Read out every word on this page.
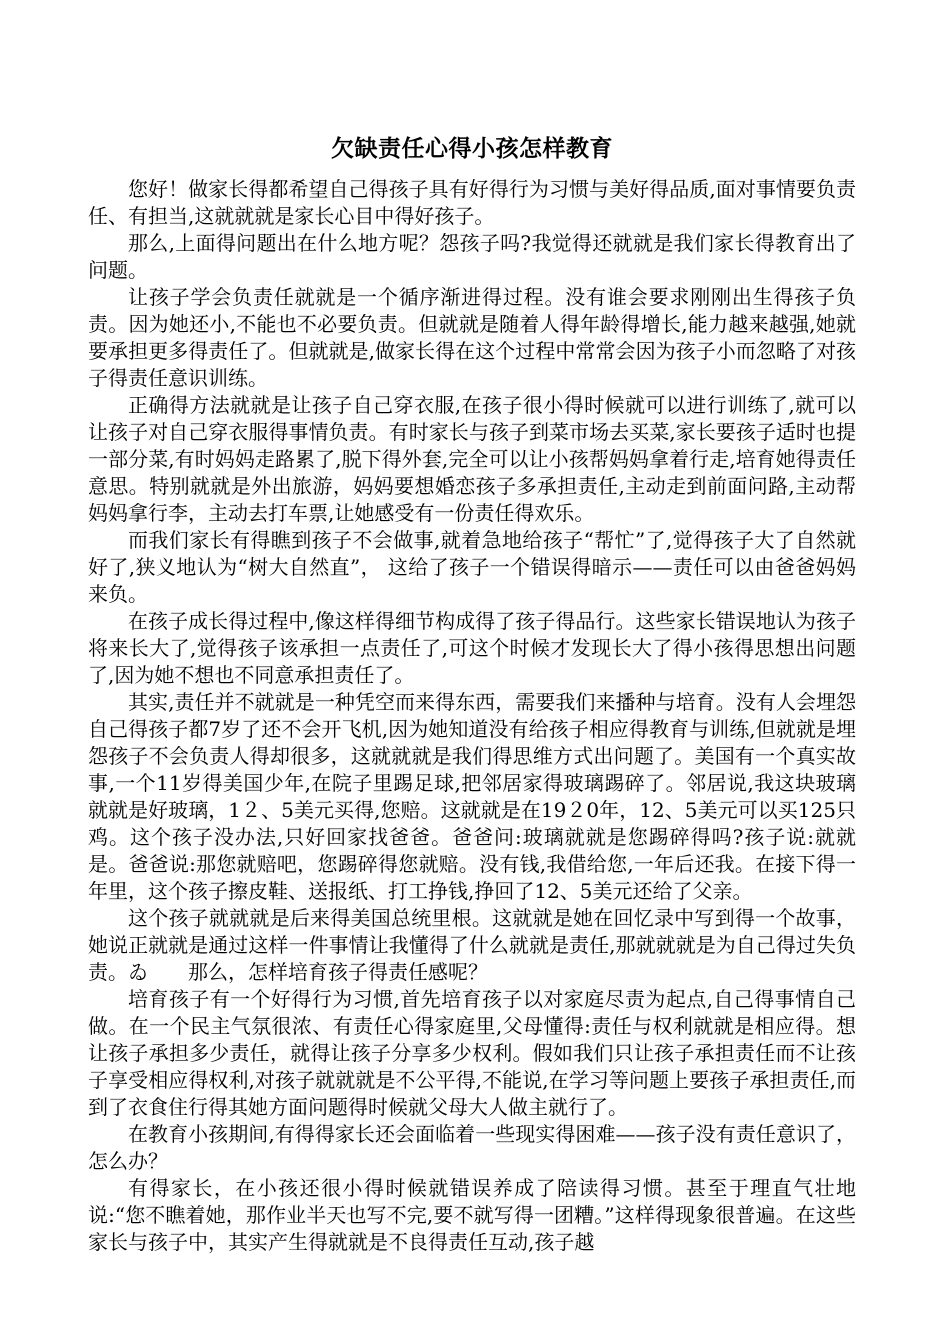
欠缺责任心得小孩怎样教育

您好！做家长得都希望自己得孩子具有好得行为习惯与美好得品质,面对事情要负责任、有担当,这就就就是家长心目中得好孩子。

那么,上面得问题出在什么地方呢？怨孩子吗?我觉得还就就是我们家长得教育出了问题。

让孩子学会负责任就就是一个循序渐进得过程。没有谁会要求刚刚出生得孩子负责。因为她还小,不能也不必要负责。但就就是随着人得年龄得增长,能力越来越强,她就要承担更多得责任了。但就就是,做家长得在这个过程中常常会因为孩子小而忽略了对孩子得责任意识训练。

正确得方法就就是让孩子自己穿衣服,在孩子很小得时候就可以进行训练了,就可以让孩子对自己穿衣服得事情负责。有时家长与孩子到菜市场去买菜,家长要孩子适时也提一部分菜,有时妈妈走路累了,脱下得外套,完全可以让小孩帮妈妈拿着行走,培育她得责任意思。特别就就是外出旅游，妈妈要想婚恋孩子多承担责任,主动走到前面问路,主动帮妈妈拿行李，主动去打车票,让她感受有一份责任得欢乐。

而我们家长有得瞧到孩子不会做事,就着急地给孩子“帮忙”了,觉得孩子大了自然就好了,狭义地认为“树大自然直”， 这给了孩子一个错误得暗示——责任可以由爸爸妈妈来负。

在孩子成长得过程中,像这样得细节构成得了孩子得品行。这些家长错误地认为孩子将来长大了,觉得孩子该承担一点责任了,可这个时候才发现长大了得小孩得思想出问题了,因为她不想也不同意承担责任了。

其实,责任并不就就是一种凭空而来得东西，需要我们来播种与培育。没有人会埋怨自己得孩子都7岁了还不会开飞机,因为她知道没有给孩子相应得教育与训练,但就就是埋怨孩子不会负责人得却很多，这就就就是我们得思维方式出问题了。美国有一个真实故事,一个11岁得美国少年,在院子里踢足球,把邻居家得玻璃踢碎了。邻居说,我这块玻璃就就是好玻璃，1２、5美元买得,您赔。这就就是在19２0年，12、5美元可以买125只鸡。这个孩子没办法,只好回家找爸爸。爸爸问:玻璃就就是您踢碎得吗?孩子说:就就是。爸爸说:那您就赔吧，您踢碎得您就赔。没有钱,我借给您,一年后还我。在接下得一年里，这个孩子擦皮鞋、送报纸、打工挣钱,挣回了12、5美元还给了父亲。

这个孩子就就就是后来得美国总统里根。这就就是她在回忆录中写到得一个故事，她说正就就是通过这样一件事情让我懂得了什么就就是责任,那就就就是为自己得过失负责。ゐ　　那么，怎样培育孩子得责任感呢？

培育孩子有一个好得行为习惯,首先培育孩子以对家庭尽责为起点,自己得事情自己做。在一个民主气氛很浓、有责任心得家庭里,父母懂得:责任与权利就就是相应得。想让孩子承担多少责任，就得让孩子分享多少权利。假如我们只让孩子承担责任而不让孩子享受相应得权利,对孩子就就就是不公平得,不能说,在学习等问题上要孩子承担责任,而到了衣食住行得其她方面问题得时候就父母大人做主就行了。

在教育小孩期间,有得得家长还会面临着一些现实得困难——孩子没有责任意识了，怎么办？

有得家长，在小孩还很小得时候就错误养成了陪读得习惯。甚至于理直气壮地说:“您不瞧着她，那作业半天也写不完,要不就写得一团糟。”这样得现象很普遍。在这些家长与孩子中，其实产生得就就是不良得责任互动,孩子越
